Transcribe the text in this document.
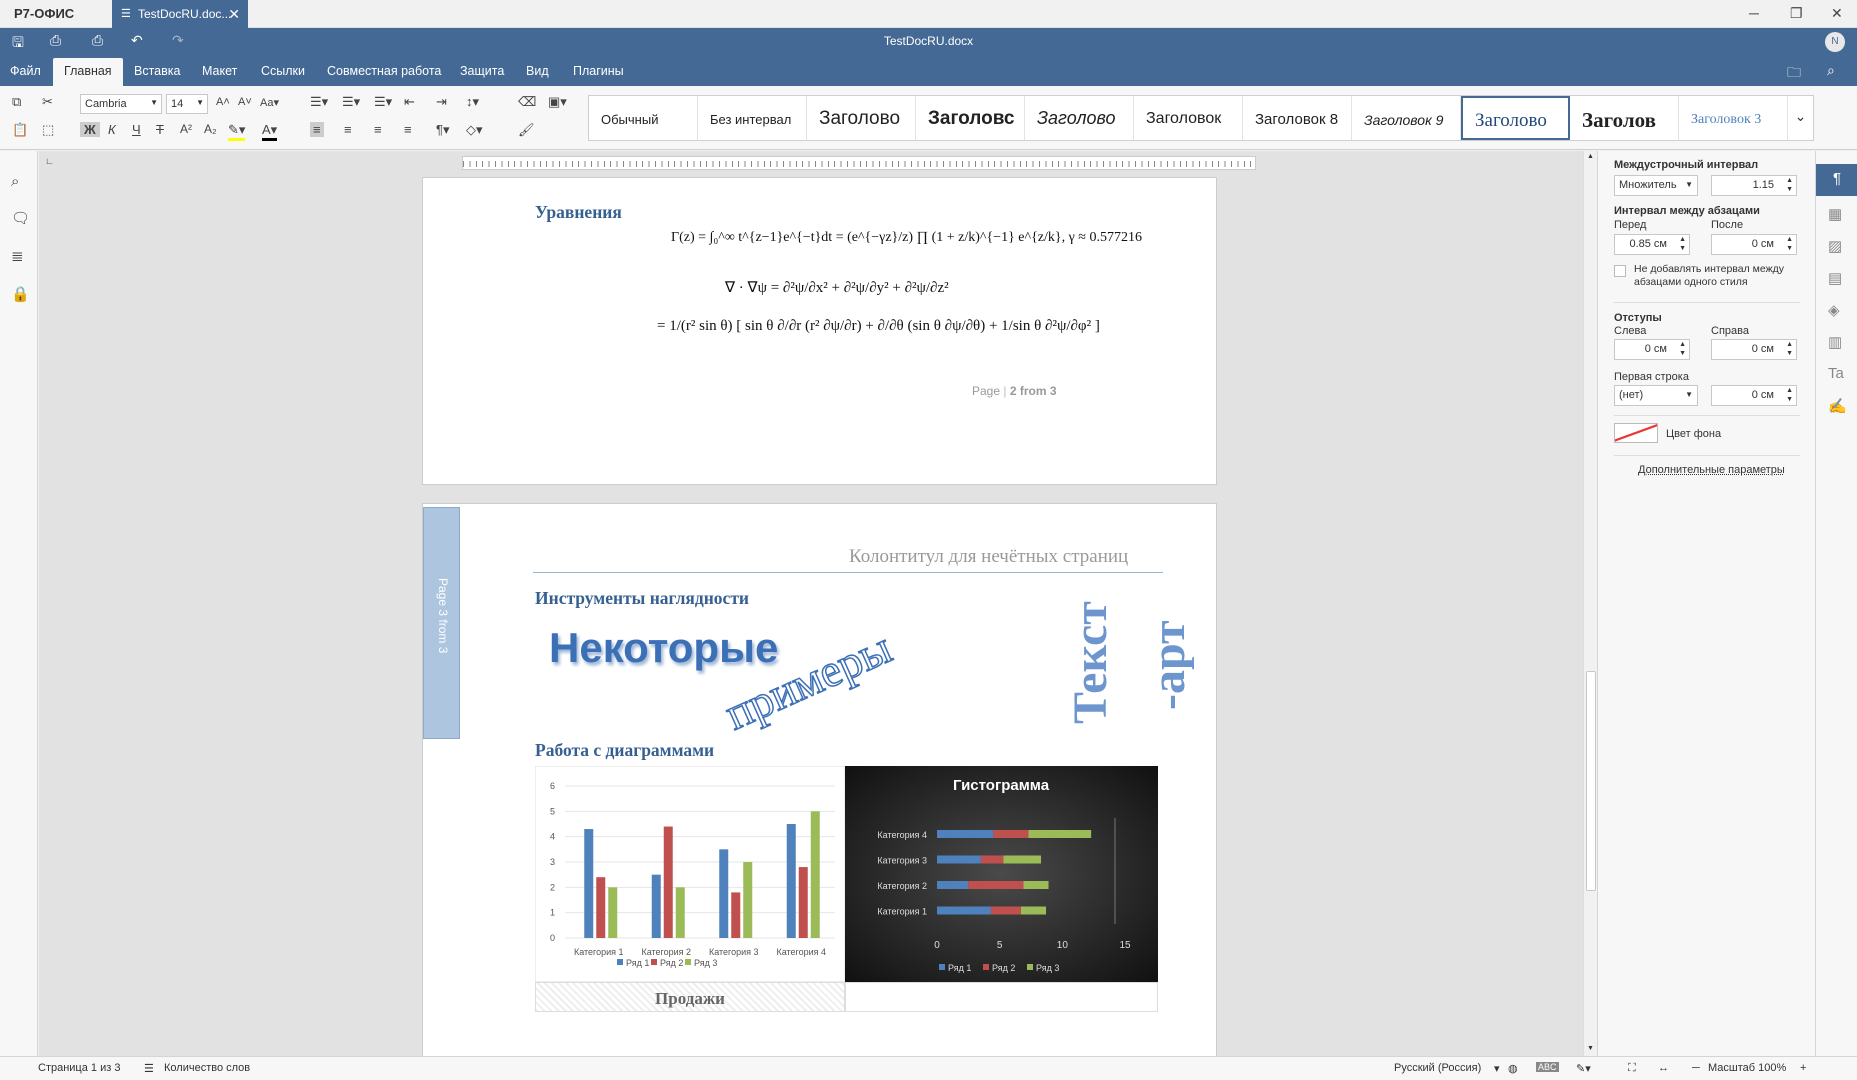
Р7-ОФИС	☰ TestDocRU.doc...
✕	─ ❐ ✕
🖫 ⎙ ⎙ ↶ ↷	TestDocRU.docx	N
Файл	Главная	Вставка Макет Ссылки Совместная работа Защита Вид Плагины	🗀 ⌕
⧉ ✂
📋 ⬚
Cambria	▼	14 ▼ A˄ A˅ Aa▾
Ж К Ч Т A² A₂ ✎▾ A▾
☰▾ ☰▾ ☰▾ ⇤ ⇥ ↕▾
≡ ≡ ≡ ≡ ¶▾ ◇▾
⌫ ▣▾
🖌
Обычный	Без интервал	Заголово	Заголовс	Заголово	Заголовок	Заголовок 8	Заголовок 9	Заголово	Заголов	Заголовок 3	⌄
⌕
🗨
≣
🔒
∟
Уравнения
Γ(z) = ∫₀^∞ t^{z−1}e^{−t}dt = (e^{−γz}/z) ∏ (1 + z/k)^{−1} e^{z/k}, γ ≈ 0.577216
∇ · ∇ψ = ∂²ψ/∂x² + ∂²ψ/∂y² + ∂²ψ/∂z²
= 1/(r² sin θ) [ sin θ ∂/∂r (r² ∂ψ/∂r) + ∂/∂θ (sin θ ∂ψ/∂θ) + 1/sin θ ∂²ψ/∂φ² ]
Page | 2 from 3
Page 3 from 3
Колонтитул для нечётных страниц
Инструменты наглядности
Некоторые
примеры	Текст -арт
Работа с диаграммами
0
1
2
3
4
5
6
Категория 1 Категория 2 Категория 3 Категория 4
Ряд 1 Ряд 2 Ряд 3
Гистограмма
0	5	10	15
Категория 1
Категория 2
Категория 3
Категория 4
Ряд 1 Ряд 2 Ряд 3
Продажи
▲
▼
Междустрочный интервал
Множитель ▼	1.15 ▲
▼
Интервал между абзацами
Перед	После
0.85 см ▲
▼	0 см ▲
▼
Не добавлять интервал между абзацами одного стиля
Отступы
Слева	Справа
0 см ▲
▼	0 см ▲
▼
Первая строка
(нет)	▼	0 см ▲
▼
Цвет фона
Дополнительные параметры
¶
▦
▨
▤
◈
▥
Ta
✍
Страница 1 из 3 ☰ Количество слов	Русский (Россия) ▾ ◍ ABC ✎▾	⛶ ↔ ─ Масштаб 100% +
